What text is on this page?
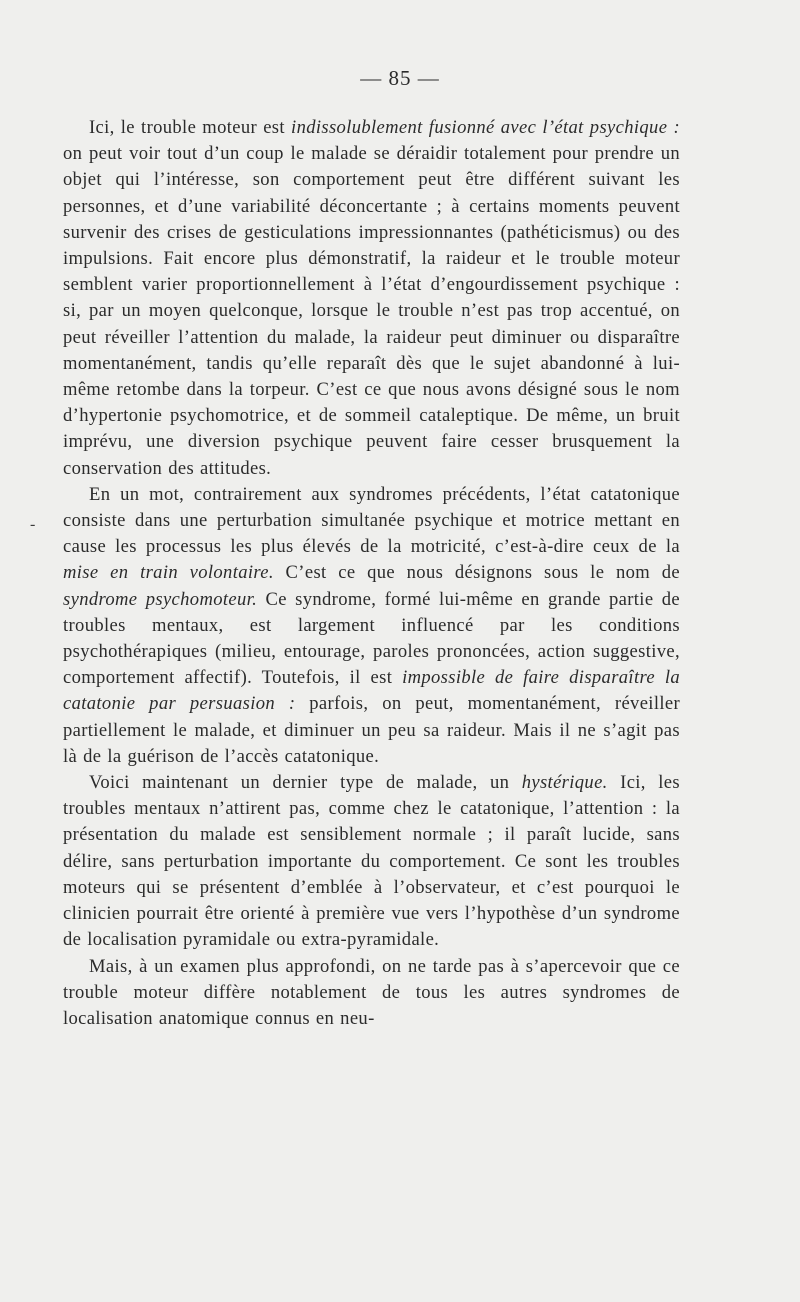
— 85 —
-

Ici, le trouble moteur est indissolublement fusionné avec l’état psychique : on peut voir tout d’un coup le malade se déraidir totalement pour prendre un objet qui l’intéresse, son comportement peut être différent suivant les personnes, et d’une variabilité déconcertante ; à certains moments peuvent survenir des crises de gesticulations impressionnantes (pathéticismus) ou des impulsions. Fait encore plus démonstratif, la raideur et le trouble moteur semblent varier proportionnellement à l’état d’engourdissement psychique : si, par un moyen quelconque, lorsque le trouble n’est pas trop accentué, on peut réveiller l’attention du malade, la raideur peut diminuer ou disparaître momentanément, tandis qu’elle reparaît dès que le sujet abandonné à lui-même retombe dans la torpeur. C’est ce que nous avons désigné sous le nom d’hypertonie psychomotrice, et de sommeil cataleptique. De même, un bruit imprévu, une diversion psychique peuvent faire cesser brusquement la conservation des attitudes.

En un mot, contrairement aux syndromes précédents, l’état catatonique consiste dans une perturbation simultanée psychique et motrice mettant en cause les processus les plus élevés de la motricité, c’est-à-dire ceux de la mise en train volontaire. C’est ce que nous désignons sous le nom de syndrome psychomoteur. Ce syndrome, formé lui-même en grande partie de troubles mentaux, est largement influencé par les conditions psychothérapiques (milieu, entourage, paroles prononcées, action suggestive, comportement affectif). Toutefois, il est impossible de faire disparaître la catatonie par persuasion : parfois, on peut, momentanément, réveiller partiellement le malade, et diminuer un peu sa raideur. Mais il ne s’agit pas là de la guérison de l’accès catatonique.

Voici maintenant un dernier type de malade, un hystérique. Ici, les troubles mentaux n’attirent pas, comme chez le catatonique, l’attention : la présentation du malade est sensiblement normale ; il paraît lucide, sans délire, sans perturbation importante du comportement. Ce sont les troubles moteurs qui se présentent d’emblée à l’observateur, et c’est pourquoi le clinicien pourrait être orienté à première vue vers l’hypothèse d’un syndrome de localisation pyramidale ou extra-pyramidale.

Mais, à un examen plus approfondi, on ne tarde pas à s’apercevoir que ce trouble moteur diffère notablement de tous les autres syndromes de localisation anatomique connus en neu-
